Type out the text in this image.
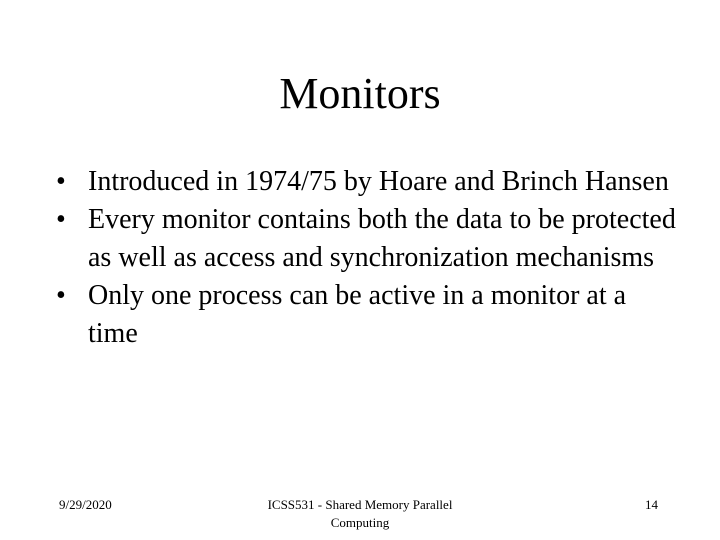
Monitors
• Introduced in 1974/75 by Hoare and Brinch Hansen
• Every monitor contains both the data to be protected as well as access and synchronization mechanisms
• Only one process can be active in a monitor at a time
9/29/2020	ICSS531 - Shared Memory Parallel
Computing
14
